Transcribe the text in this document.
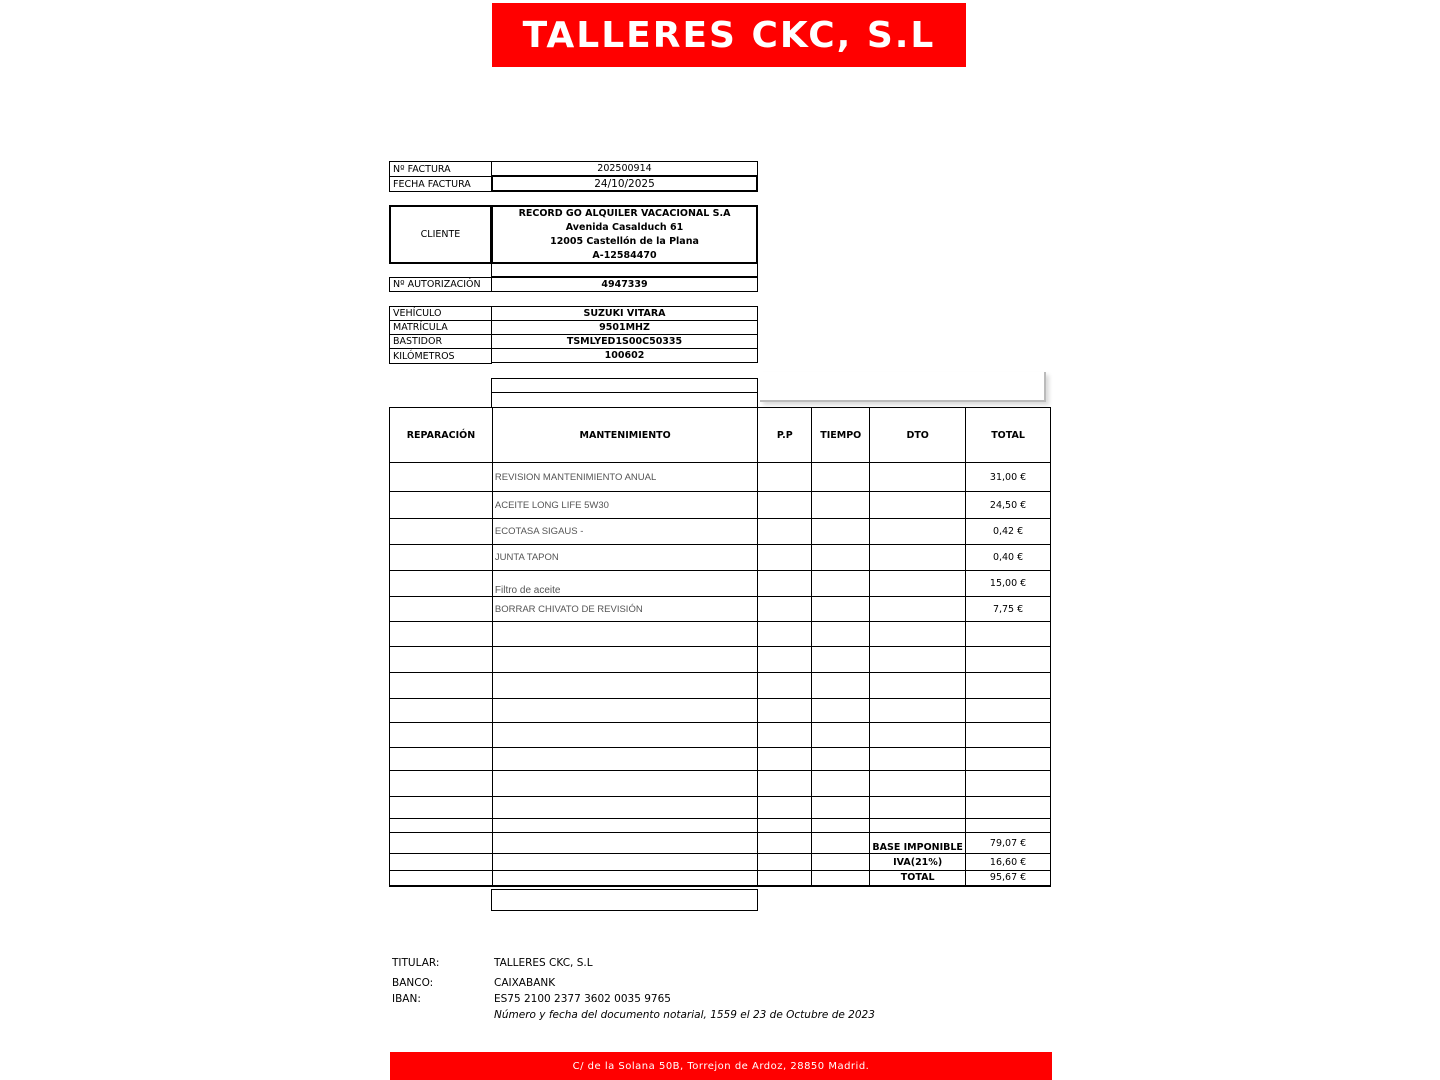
TALLERES CKC, S.L
Nº FACTURA	202500914
FECHA FACTURA	24/10/2025
CLIENTE
RECORD GO ALQUILER VACACIONAL S.A
Avenida Casalduch 61
12005 Castellón de la Plana
A-12584470
Nº AUTORIZACIÓN	4947339
VEHÍCULO	SUZUKI VITARA
MATRÍCULA	9501MHZ
BASTIDOR	TSMLYED1S00C50335
KILÓMETROS	100602
REPARACIÓN	MANTENIMIENTO	P.P	TIEMPO	DTO	TOTAL
	REVISION MANTENIMIENTO ANUAL				31,00 €
	ACEITE LONG LIFE 5W30				24,50 €
	ECOTASA SIGAUS -				0,42 €
	JUNTA TAPON				0,40 €
	Filtro de aceite				15,00 €
	BORRAR CHIVATO DE REVISIÓN				7,75 €

				BASE IMPONIBLE	79,07 €
				IVA(21%)	16,60 €
				TOTAL	95,67 €
TITULAR:	TALLERES CKC, S.L
BANCO:	CAIXABANK
IBAN:	ES75 2100 2377 3602 0035 9765
Número y fecha del documento notarial, 1559 el 23 de Octubre de 2023
C/ de la Solana 50B, Torrejon de Ardoz, 28850 Madrid.
